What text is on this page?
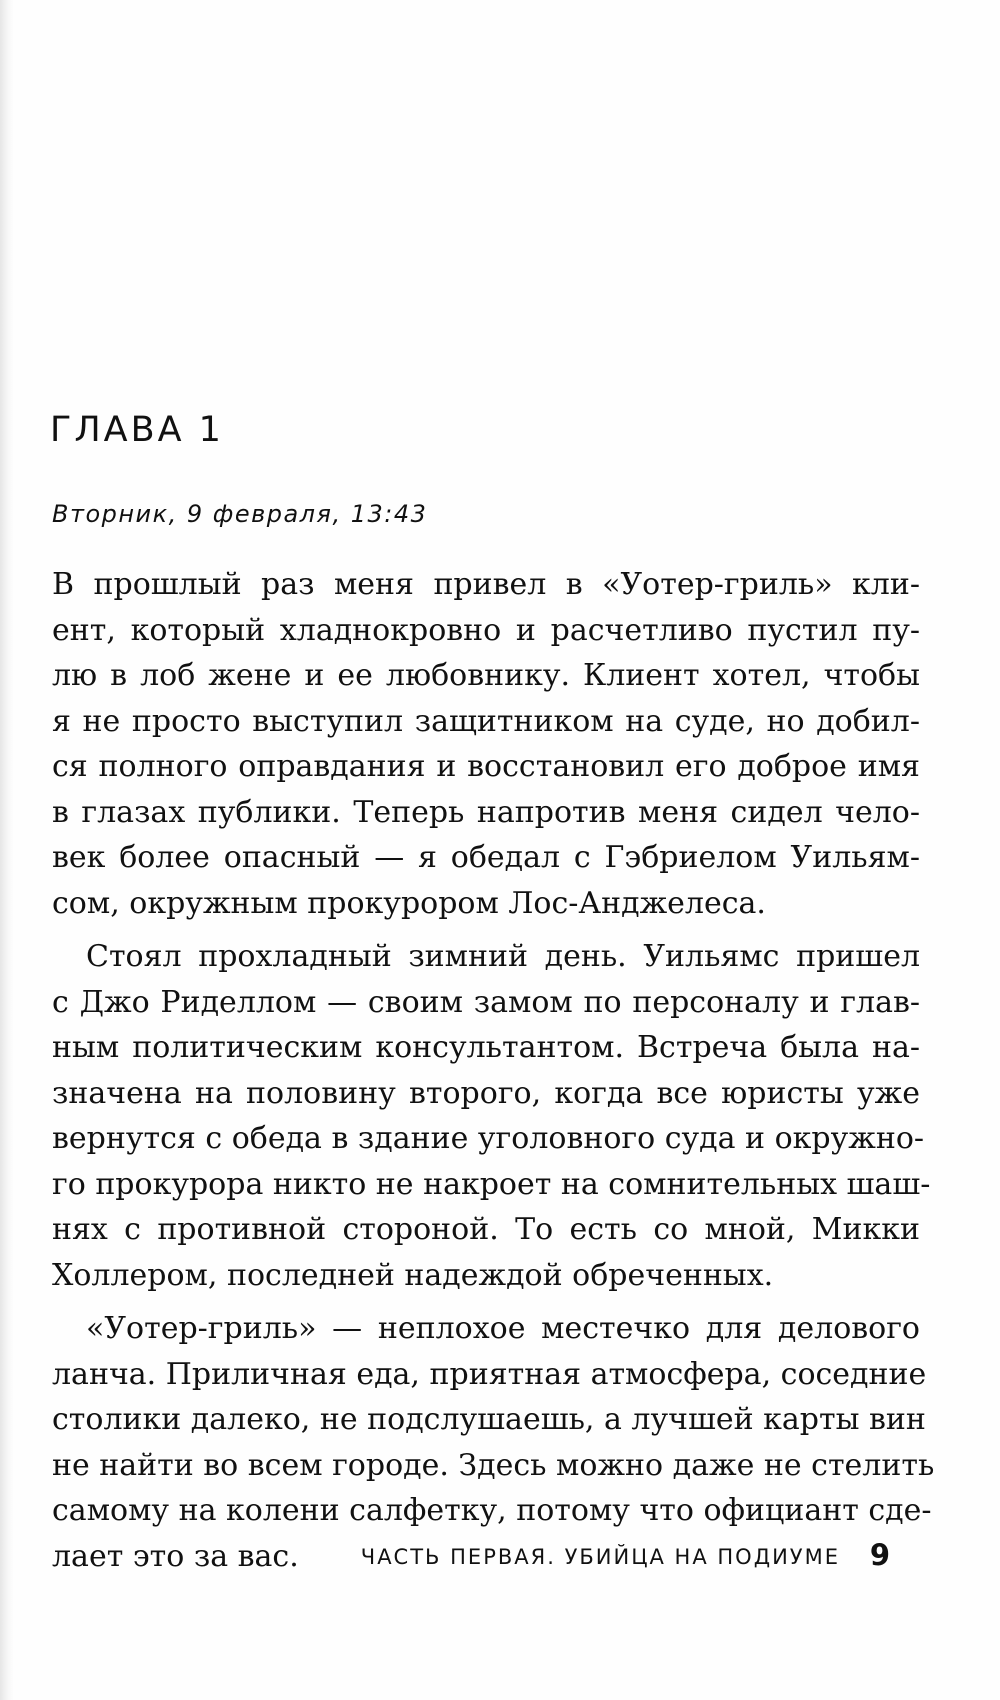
ГЛАВА 1
Вторник, 9 февраля, 13:43

В прошлый раз меня привел в «Уотер-гриль» кли-
ент, который хладнокровно и расчетливо пустил пу-
лю в лоб жене и ее любовнику. Клиент хотел, чтобы
я не просто выступил защитником на суде, но добил-
ся полного оправдания и восстановил его доброе имя
в глазах публики. Теперь напротив меня сидел чело-
век более опасный — я обедал с Гэбриелом Уильям-
сом, окружным прокурором Лос-Анджелеса.

Стоял прохладный зимний день. Уильямс пришел
с Джо Риделлом — своим замом по персоналу и глав-
ным политическим консультантом. Встреча была на-
значена на половину второго, когда все юристы уже
вернутся с обеда в здание уголовного суда и окружно-
го прокурора никто не накроет на сомнительных шаш-
нях с противной стороной. То есть со мной, Микки
Холлером, последней надеждой обреченных.

«Уотер-гриль» — неплохое местечко для делового
ланча. Приличная еда, приятная атмосфера, соседние
столики далеко, не подслушаешь, а лучшей карты вин
не найти во всем городе. Здесь можно даже не стелить
самому на колени салфетку, потому что официант сде-
лает это за вас.	ЧАСТЬ ПЕРВАЯ. УБИЙЦА НА ПОДИУМЕ 9
